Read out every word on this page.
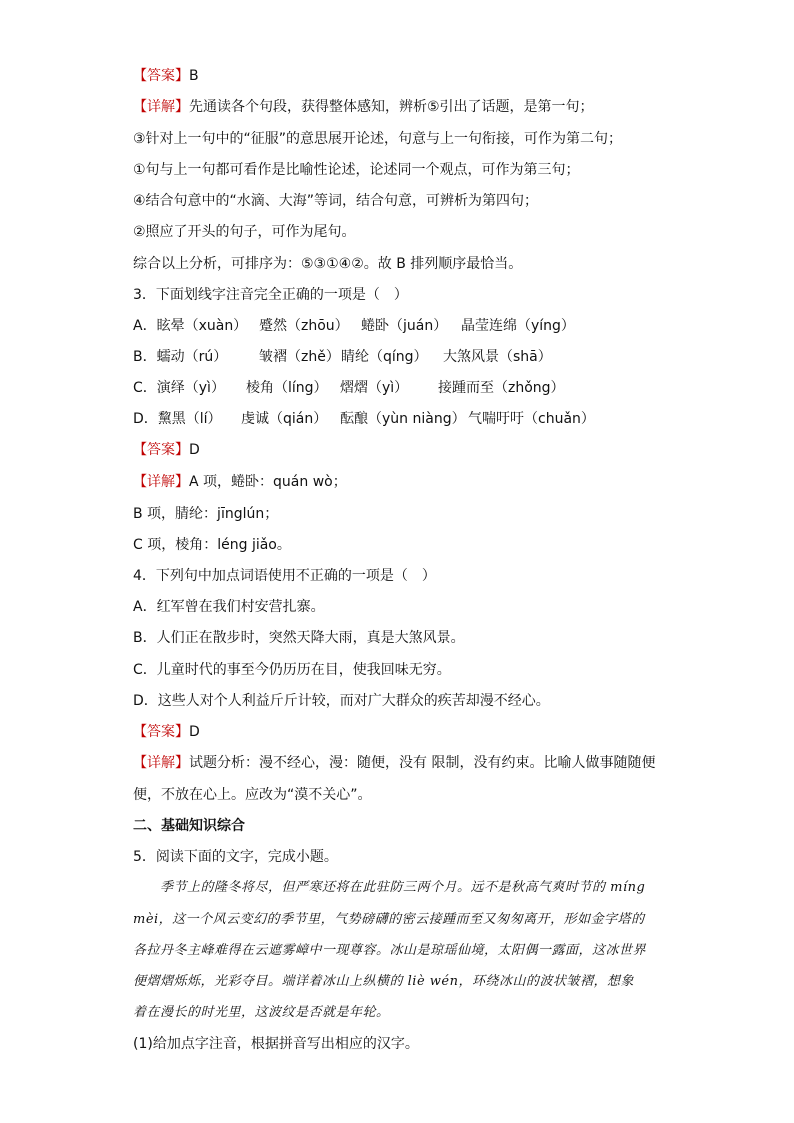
【答案】B
【详解】先通读各个句段，获得整体感知，辨析⑤引出了话题，是第一句；
③针对上一句中的“征服”的意思展开论述，句意与上一句衔接，可作为第二句；
①句与上一句都可看作是比喻性论述，论述同一个观点，可作为第三句；
④结合句意中的“水滴、大海”等词，结合句意，可辨析为第四句；
②照应了开头的句子，可作为尾句。
综合以上分析，可排序为：⑤③①④②。故 B 排列顺序最恰当。
3．下面划线字注音完全正确的一项是（　）
A．眩晕（xuàn） 蹙然（zhōu） 蜷卧（juán） 晶莹连绵（yíng）
B．蠕动（rú） 皱褶（zhě） 睛纶（qíng） 大煞风景（shā）
C．演绎（yì） 棱角（líng） 熠熠（yì） 接踵而至（zhǒng）
D．黧黑（lí） 虔诚（qián） 酝酿（yùn niàng） 气喘吁吁（chuǎn）
【答案】D
【详解】A 项，蜷卧：quán wò；
B 项，腈纶：jīnglún；
C 项，棱角：léng jiǎo。
4．下列句中加点词语使用不正确的一项是（　）
A．红军曾在我们村安营扎寨。
B．人们正在散步时，突然天降大雨，真是大煞风景。
C．儿童时代的事至今仍历历在目，使我回味无穷。
D．这些人对个人利益斤斤计较，而对广大群众的疾苦却漫不经心。
【答案】D
【详解】试题分析：漫不经心，漫：随便，没有 限制，没有约束。比喻人做事随随便
便，不放在心上。应改为“漠不关心”。
二、基础知识综合
5．阅读下面的文字，完成小题。
季节上的隆冬将尽，但严寒还将在此驻防三两个月。远不是秋高气爽时节的 míng
mèi，这一个风云变幻的季节里，气势磅礴的密云接踵而至又匆匆离开，形如金字塔的
各拉丹冬主峰难得在云遮雾嶂中一现尊容。冰山是琼瑶仙境，太阳偶一露面，这冰世界
便熠熠烁烁，光彩夺目。端详着冰山上纵横的 liè wén，环绕冰山的波状皱褶，想象
着在漫长的时光里，这波纹是否就是年轮。
(1)给加点字注音，根据拼音写出相应的汉字。
